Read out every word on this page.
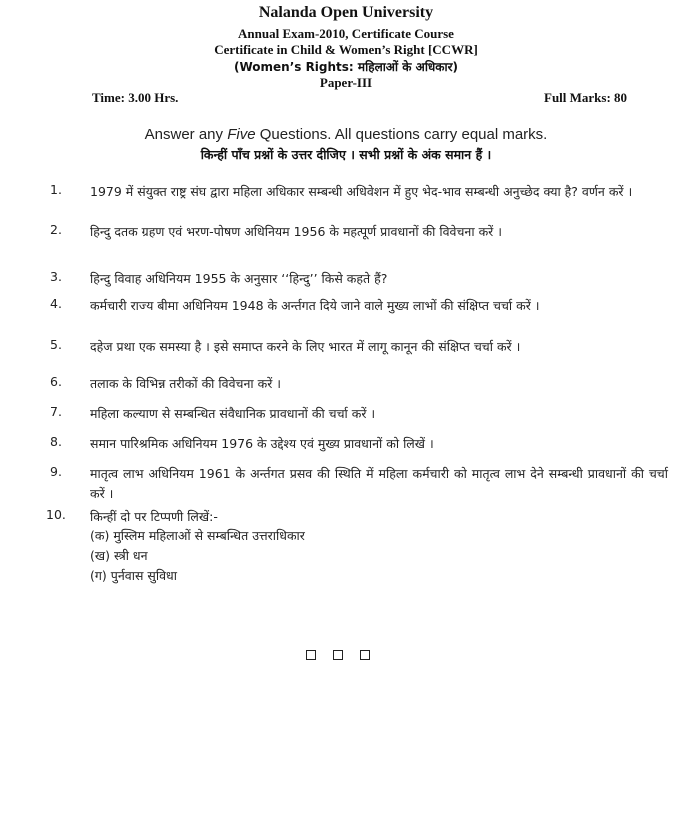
Nalanda Open University
Annual Exam-2010, Certificate Course
Certificate in Child & Women’s Right [CCWR]
(Women’s Rights: महिलाओं के अधिकार)
Paper-III
Time: 3.00 Hrs.	Full Marks: 80
Answer any Five Questions. All questions carry equal marks.
किन्हीं पाँच प्रश्नों के उत्तर दीजिए । सभी प्रश्नों के अंक समान हैं ।
1. 1979 में संयुक्त राष्ट्र संघ द्वारा महिला अधिकार सम्बन्धी अधिवेशन में हुए भेद-भाव सम्बन्धी अनुच्छेद क्या है? वर्णन करें ।
2. हिन्दु दतक ग्रहण एवं भरण-पोषण अधिनियम 1956 के महत्पूर्ण प्रावधानों की विवेचना करें ।
3. हिन्दु विवाह अधिनियम 1955 के अनुसार ‘‘हिन्दु’’ किसे कहते हैं?
4. कर्मचारी राज्य बीमा अधिनियम 1948 के अर्न्तगत दिये जाने वाले मुख्य लाभों की संक्षिप्त चर्चा करें ।
5. दहेज प्रथा एक समस्या है । इसे समाप्त करने के लिए भारत में लागू कानून की संक्षिप्त चर्चा करें ।
6. तलाक के विभिन्न तरीकों की विवेचना करें ।
7. महिला कल्याण से सम्बन्धित संवैधानिक प्रावधानों की चर्चा करें ।
8. समान पारिश्रमिक अधिनियम 1976 के उद्देश्य एवं मुख्य प्रावधानों को लिखें ।
9. मातृत्व लाभ अधिनियम 1961 के अर्न्तगत प्रसव की स्थिति में महिला कर्मचारी को मातृत्व लाभ देने सम्बन्धी प्रावधानों की चर्चा करें ।
10. किन्हीं दो पर टिप्पणी लिखें:-
(क) मुस्लिम महिलाओं से सम्बन्धित उत्तराधिकार
(ख) स्त्री धन
(ग) पुर्नवास सुविधा
